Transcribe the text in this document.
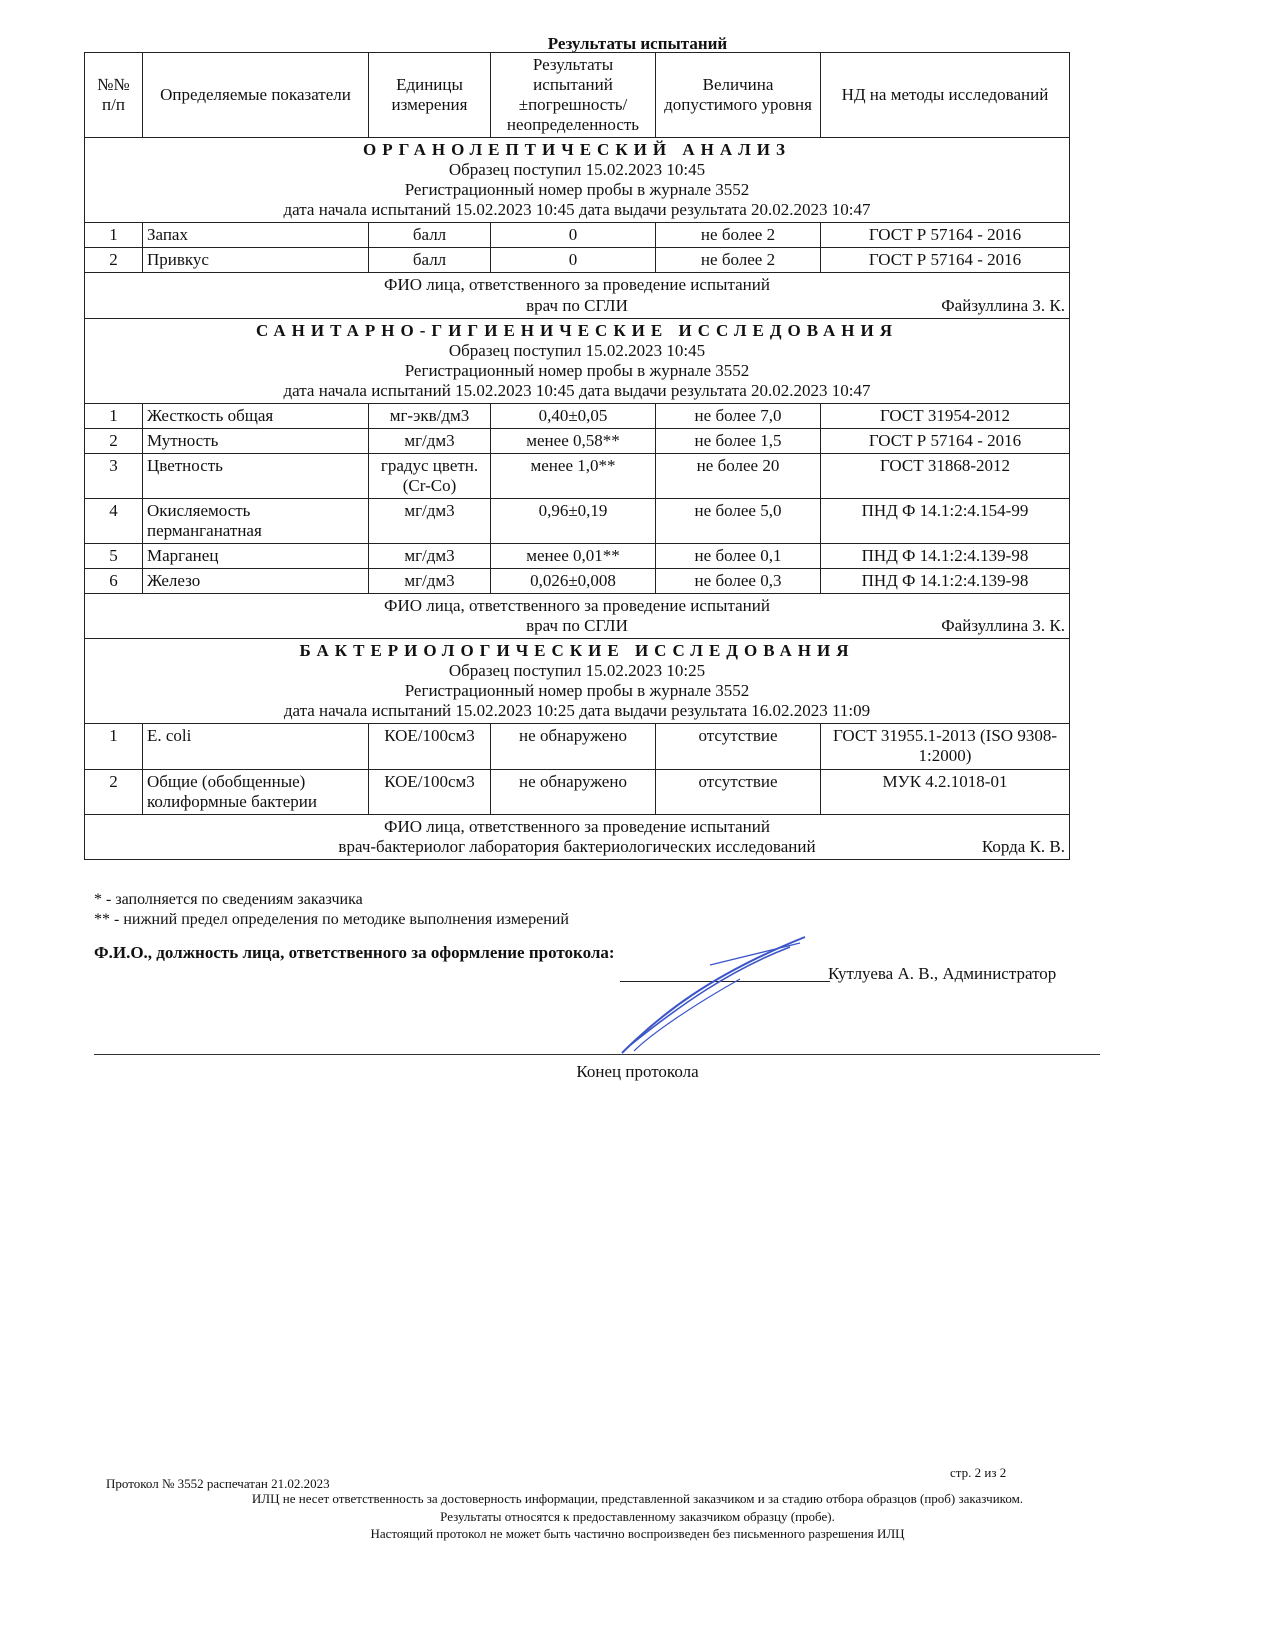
Результаты испытаний
№№ п/п	Определяемые показатели	Единицы измерения	Результаты испытаний ±погрешность/ неопределенность	Величина допустимого уровня	НД на методы исследований

ОРГАНОЛЕПТИЧЕСКИЙ АНАЛИЗ
Образец поступил 15.02.2023 10:45
Регистрационный номер пробы в журнале 3552
дата начала испытаний 15.02.2023 10:45 дата выдачи результата 20.02.2023 10:47					

1	Запах	балл	0	не более 2	ГОСТ Р 57164 - 2016
2	Привкус	балл	0	не более 2	ГОСТ Р 57164 - 2016

ФИО лица, ответственного за проведение испытаний
врач по СГЛИ Файзуллина З. К.					

САНИТАРНО-ГИГИЕНИЧЕСКИЕ ИССЛЕДОВАНИЯ
Образец поступил 15.02.2023 10:45
Регистрационный номер пробы в журнале 3552
дата начала испытаний 15.02.2023 10:45 дата выдачи результата 20.02.2023 10:47					

1	Жесткость общая	мг-экв/дм3	0,40±0,05	не более 7,0	ГОСТ 31954-2012
2	Мутность	мг/дм3	менее 0,58**	не более 1,5	ГОСТ Р 57164 - 2016
3	Цветность	градус цветн.(Cr-Co)	менее 1,0**	не более 20	ГОСТ 31868-2012
4	Окисляемость перманганатная	мг/дм3	0,96±0,19	не более 5,0	ПНД Ф 14.1:2:4.154-99
5	Марганец	мг/дм3	менее 0,01**	не более 0,1	ПНД Ф 14.1:2:4.139-98
6	Железо	мг/дм3	0,026±0,008	не более 0,3	ПНД Ф 14.1:2:4.139-98

ФИО лица, ответственного за проведение испытаний
врач по СГЛИ Файзуллина З. К.					

БАКТЕРИОЛОГИЧЕСКИЕ ИССЛЕДОВАНИЯ
Образец поступил 15.02.2023 10:25
Регистрационный номер пробы в журнале 3552
дата начала испытаний 15.02.2023 10:25 дата выдачи результата 16.02.2023 11:09					

1	E. coli	КОЕ/100см3	не обнаружено	отсутствие	ГОСТ 31955.1-2013 (ISO 9308-1:2000)
2	Общие (обобщенные) колиформные бактерии	КОЕ/100см3	не обнаружено	отсутствие	МУК 4.2.1018-01

ФИО лица, ответственного за проведение испытаний
врач-бактериолог лаборатория бактериологических исследований Корда К. В.					
* - заполняется по сведениям заказчика
** - нижний предел определения по методике выполнения измерений
Ф.И.О., должность лица, ответственного за оформление протокола:
Кутлуева А. В., Администратор
Конец протокола
Протокол № 3552 распечатан 21.02.2023
стр. 2 из 2
ИЛЦ не несет ответственность за достоверность информации, представленной заказчиком и за стадию отбора образцов (проб) заказчиком.
Результаты относятся к предоставленному заказчиком образцу (пробе).
Настоящий протокол не может быть частично воспроизведен без письменного разрешения ИЛЦ
